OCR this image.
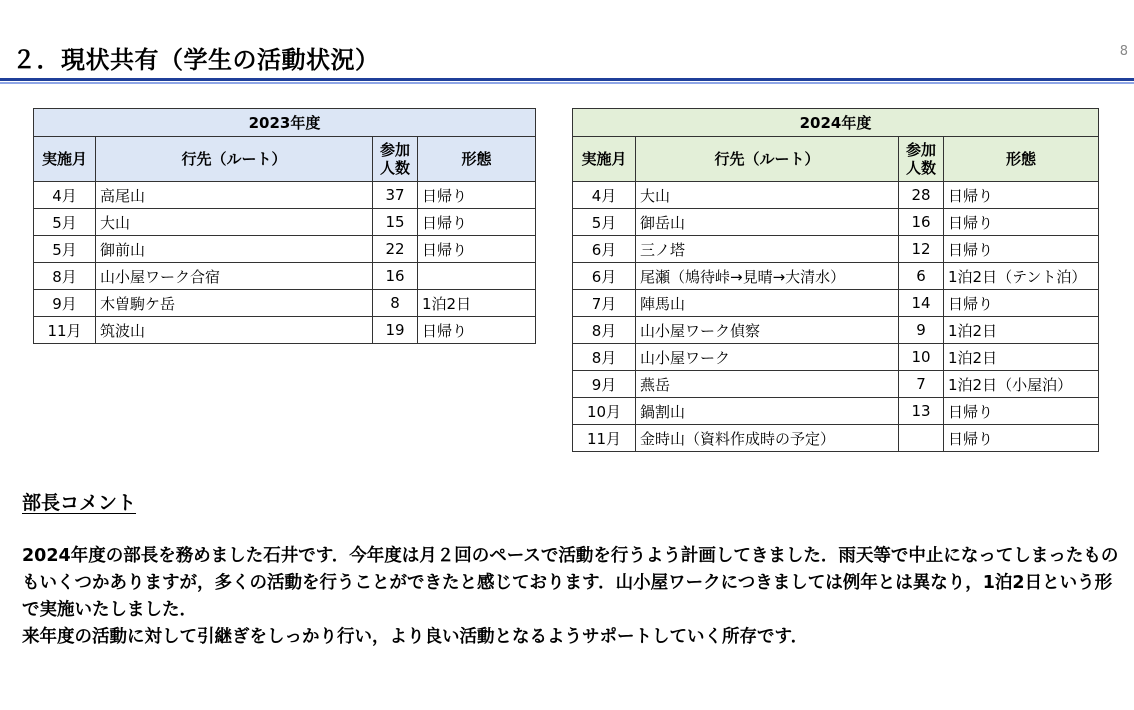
２．現状共有（学生の活動状況）	8
2023年度			
実施月	行先（ルート）	参加人数	形態
4月	高尾山	37	日帰り
5月	大山	15	日帰り
5月	御前山	22	日帰り
8月	山小屋ワーク合宿	16	
9月	木曽駒ケ岳	8	1泊2日
11月	筑波山	19	日帰り
2024年度			
実施月	行先（ルート）	参加人数	形態
4月	大山	28	日帰り
5月	御岳山	16	日帰り
6月	三ノ塔	12	日帰り
6月	尾瀬（鳩待峠→見晴→大清水）	6	1泊2日（テント泊）
7月	陣馬山	14	日帰り
8月	山小屋ワーク偵察	9	1泊2日
8月	山小屋ワーク	10	1泊2日
9月	燕岳	7	1泊2日（小屋泊）
10月	鍋割山	13	日帰り
11月	金時山（資料作成時の予定）		日帰り
部長コメント

2024年度の部長を務めました石井です．今年度は月２回のペースで活動を行うよう計画してきました．雨天等で中止になってしまったものもいくつかありますが，多くの活動を行うことができたと感じております．山小屋ワークにつきましては例年とは異なり，1泊2日という形で実施いたしました．

来年度の活動に対して引継ぎをしっかり行い，より良い活動となるようサポートしていく所存です．
